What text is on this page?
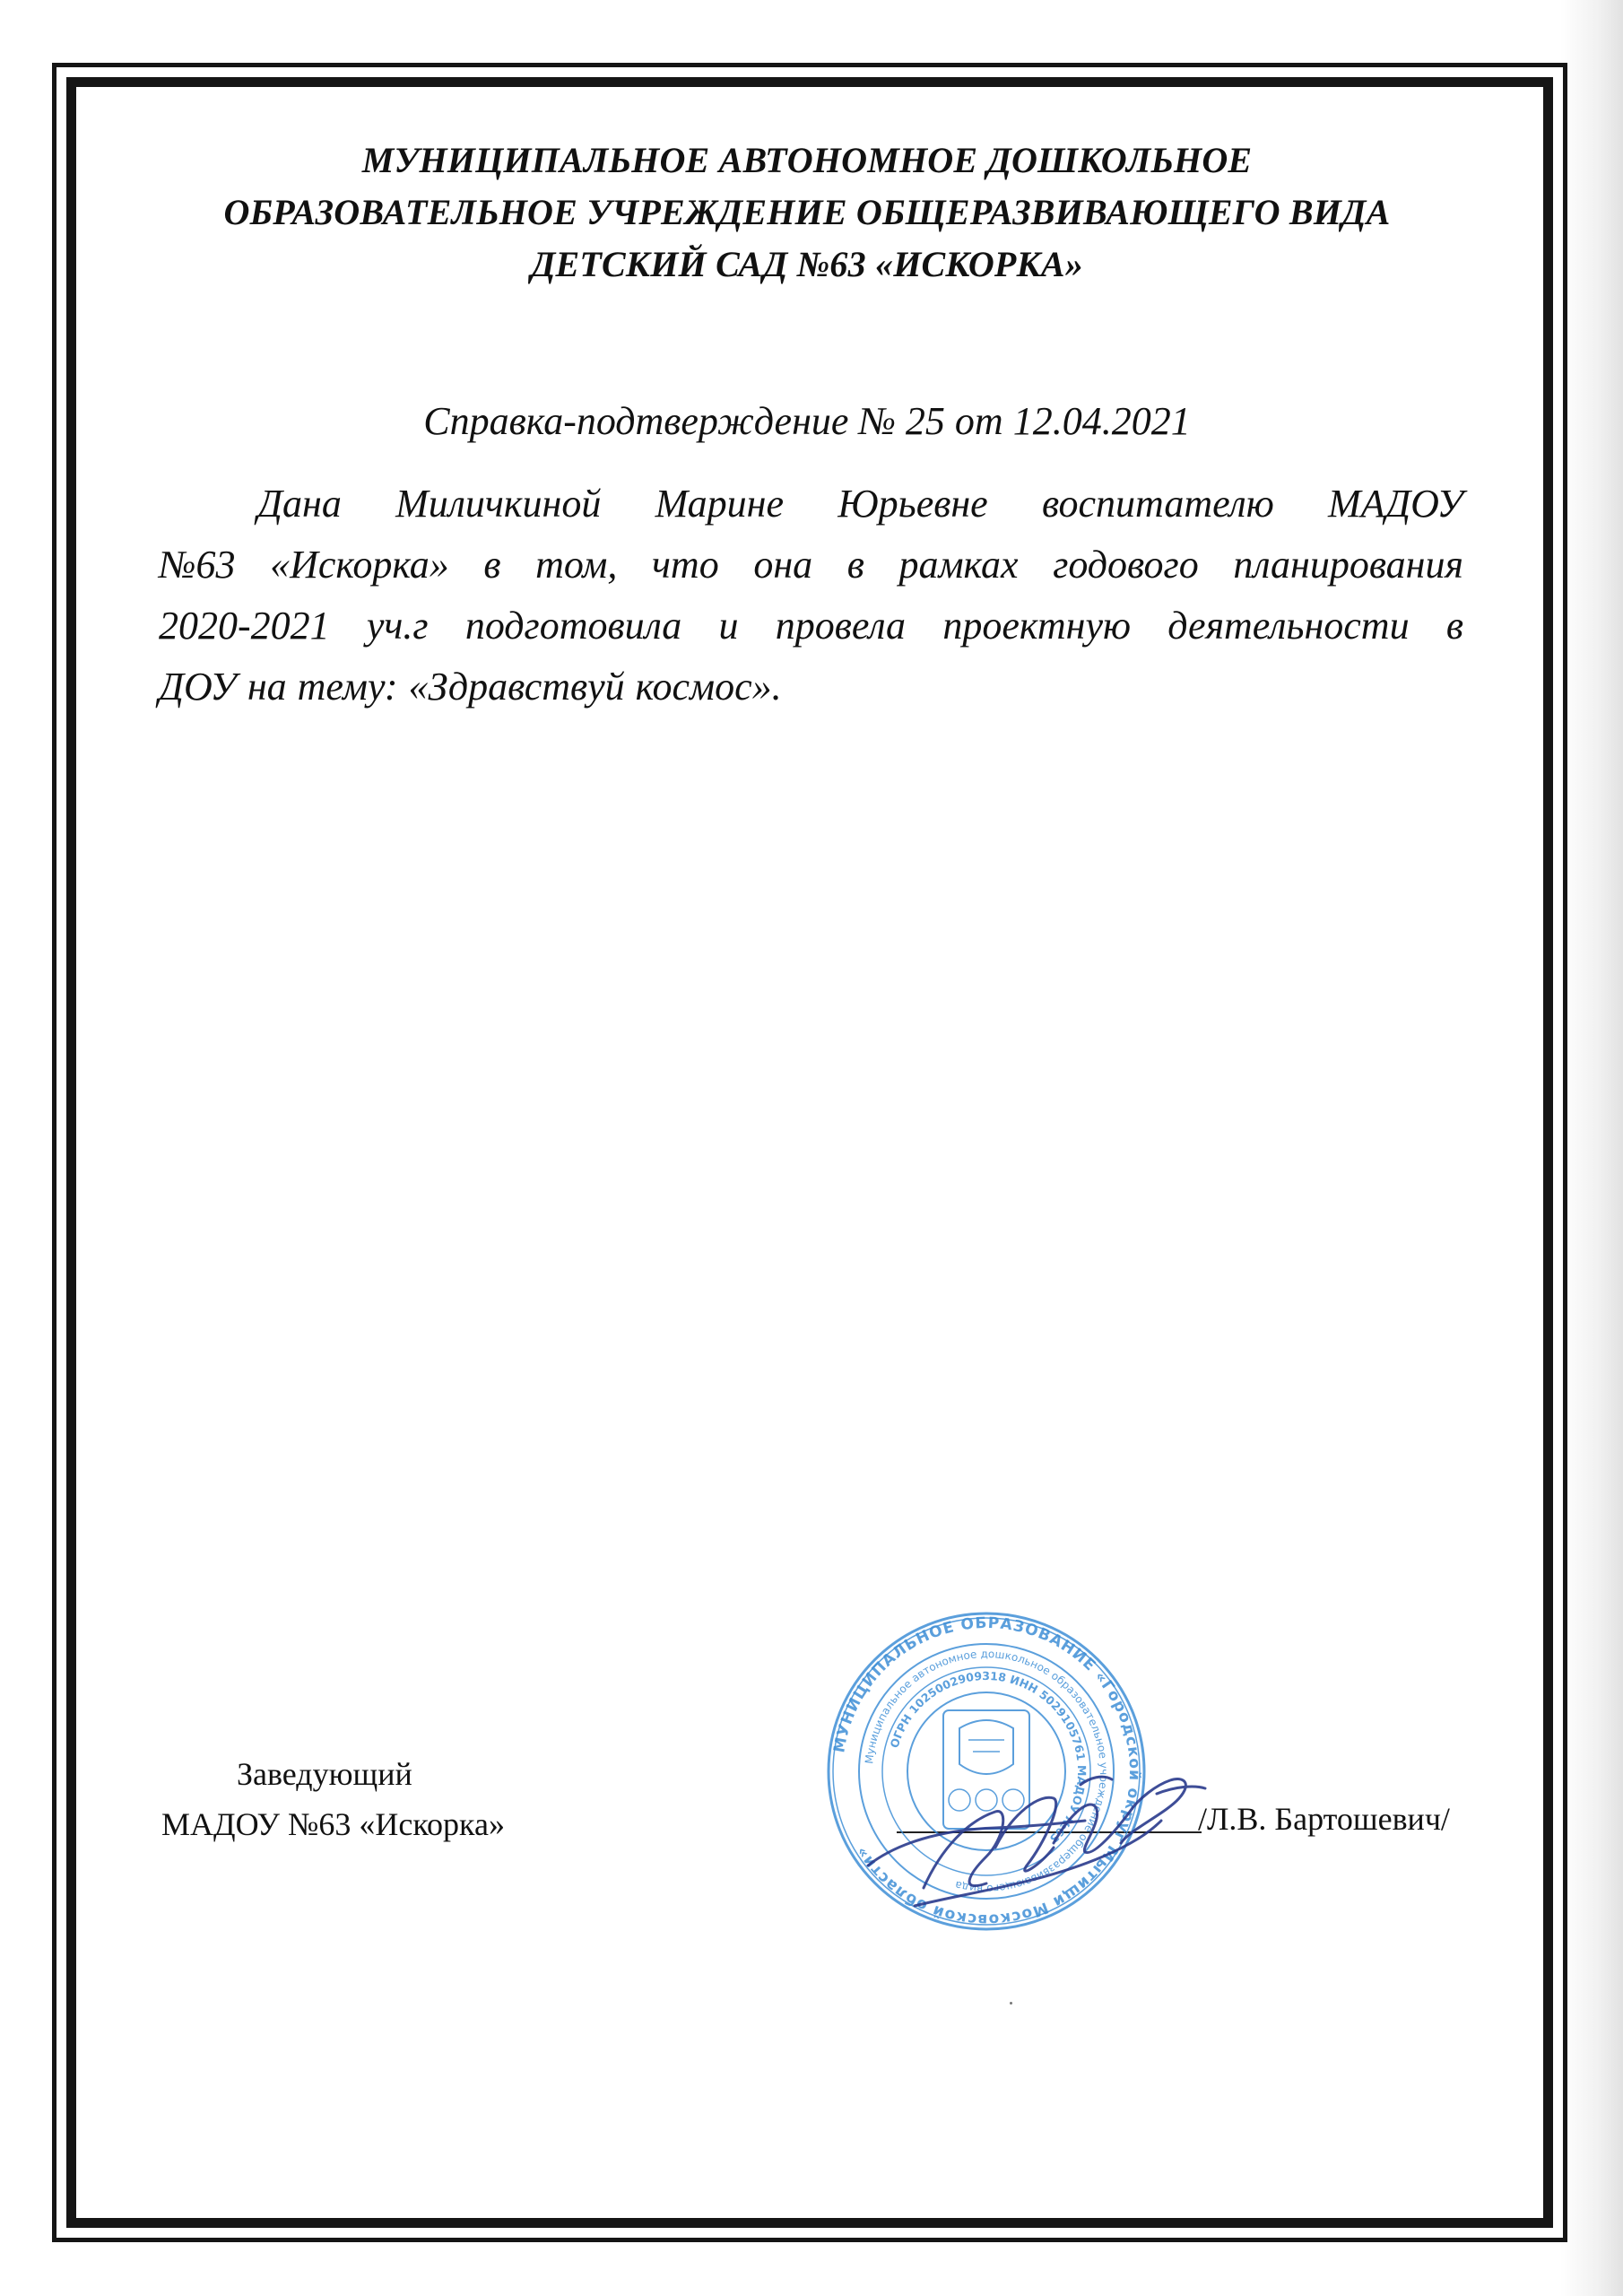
МУНИЦИПАЛЬНОЕ АВТОНОМНОЕ ДОШКОЛЬНОЕ
ОБРАЗОВАТЕЛЬНОЕ УЧРЕЖДЕНИЕ ОБЩЕРАЗВИВАЮЩЕГО ВИДА
ДЕТСКИЙ САД №63 «ИСКОРКА»
Справка-подтверждение № 25 от 12.04.2021
Дана Миличкиной Марине Юрьевне воспитателю МАДОУ
№63 «Искорка» в том, что она в рамках годового планирования
2020-2021 уч.г подготовила и провела проектную деятельности в
ДОУ на тему: «Здравствуй космос».
Заведующий
МАДОУ №63 «Искорка»	/Л.В. Бартошевич/
МУНИЦИПАЛЬНОЕ ОБРАЗОВАНИЕ «Городской округ Мытищи Московской области»
Муниципальное автономное дошкольное образовательное учреждение общеразвивающего вида
ОГРН 1025002909318 ИНН 5029105761 МАДОУ №63
